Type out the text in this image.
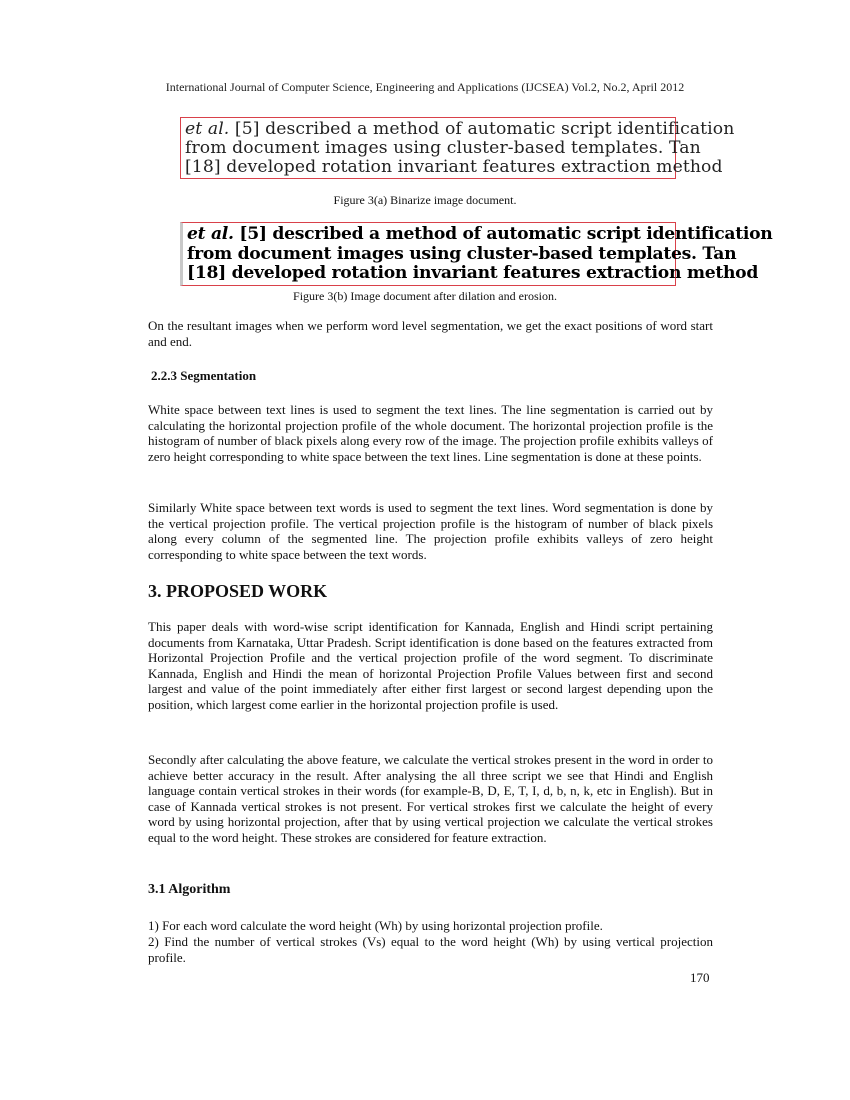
International Journal of Computer Science, Engineering and Applications (IJCSEA) Vol.2, No.2, April 2012
et al. [5] described a method of automatic script identification
from document images using cluster-based templates. Tan
[18] developed rotation invariant features extraction method
Figure 3(a) Binarize image document.
et al. [5] described a method of automatic script identification
from document images using cluster-based templates. Tan
[18] developed rotation invariant features extraction method
Figure 3(b) Image document after dilation and erosion.

On the resultant images when we perform word level segmentation, we get the exact positions of word start and end.

2.2.3 Segmentation

White space between text lines is used to segment the text lines. The line segmentation is carried out by calculating the horizontal projection profile of the whole document. The horizontal projection profile is the histogram of number of black pixels along every row of the image. The projection profile exhibits valleys of zero height corresponding to white space between the text lines. Line segmentation is done at these points.

Similarly White space between text words is used to segment the text lines. Word segmentation is done by the vertical projection profile. The vertical projection profile is the histogram of number of black pixels along every column of the segmented line. The projection profile exhibits valleys of zero height corresponding to white space between the text words.

3. PROPOSED WORK

This paper deals with word-wise script identification for Kannada, English and Hindi script pertaining documents from Karnataka, Uttar Pradesh. Script identification is done based on the features extracted from Horizontal Projection Profile and the vertical projection profile of the word segment. To discriminate Kannada, English and Hindi the mean of horizontal Projection Profile Values between first and second largest and value of the point immediately after either first largest or second largest depending upon the position, which largest come earlier in the horizontal projection profile is used.

Secondly after calculating the above feature, we calculate the vertical strokes present in the word in order to achieve better accuracy in the result. After analysing the all three script we see that Hindi and English language contain vertical strokes in their words (for example-B, D, E, T, I, d, b, n, k, etc in English). But in case of Kannada vertical strokes is not present. For vertical strokes first we calculate the height of every word by using horizontal projection, after that by using vertical projection we calculate the vertical strokes equal to the word height. These strokes are considered for feature extraction.

3.1 Algorithm

1) For each word calculate the word height (Wh) by using horizontal projection profile.

2) Find the number of vertical strokes (Vs) equal to the word height (Wh) by using vertical projection profile.

170
